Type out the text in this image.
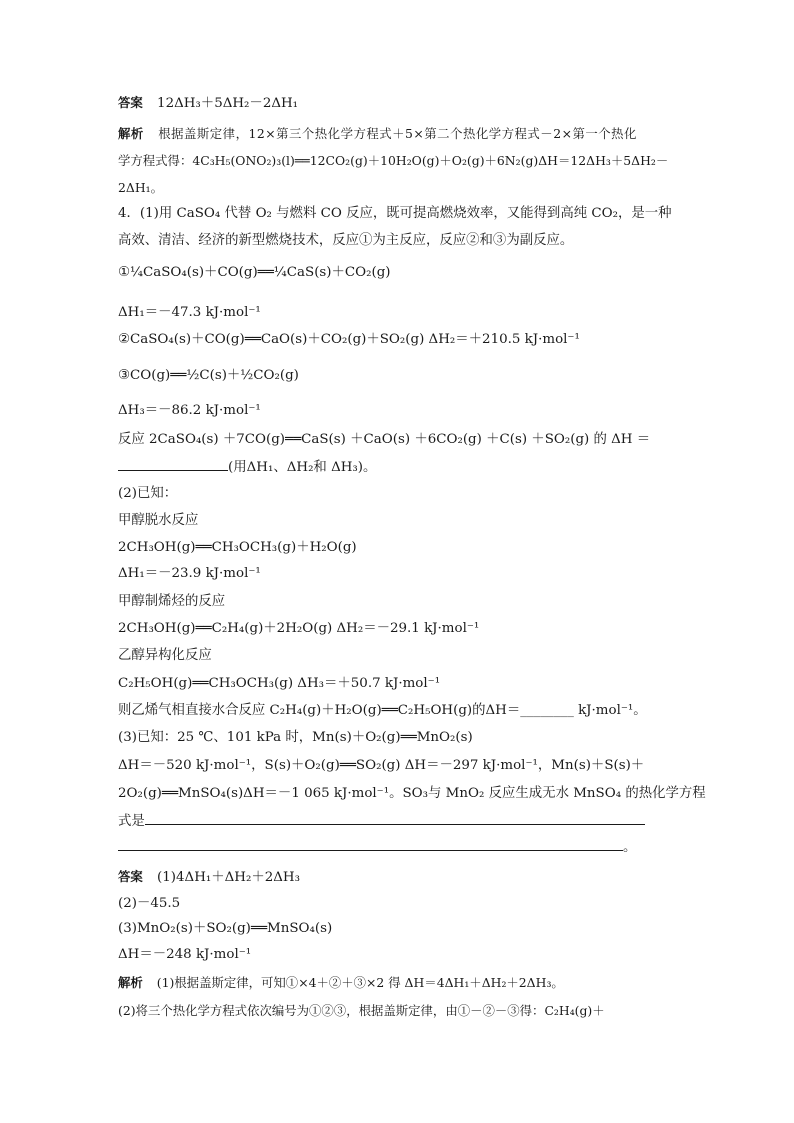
答案 12ΔH₃＋5ΔH₂－2ΔH₁
解析 根据盖斯定律，12×第三个热化学方程式＋5×第二个热化学方程式－2×第一个热化
学方程式得：4C₃H₅(ONO₂)₃(l)══12CO₂(g)＋10H₂O(g)＋O₂(g)＋6N₂(g)ΔH＝12ΔH₃＋5ΔH₂－
2ΔH₁。
4．(1)用 CaSO₄ 代替 O₂ 与燃料 CO 反应，既可提高燃烧效率，又能得到高纯 CO₂，是一种
高效、清洁、经济的新型燃烧技术，反应①为主反应，反应②和③为副反应。
①¼CaSO₄(s)＋CO(g)══¼CaS(s)＋CO₂(g)
ΔH₁＝－47.3 kJ·mol⁻¹
②CaSO₄(s)＋CO(g)══CaO(s)＋CO₂(g)＋SO₂(g) ΔH₂＝＋210.5 kJ·mol⁻¹
③CO(g)══½C(s)＋½CO₂(g)
ΔH₃＝－86.2 kJ·mol⁻¹
反应 2CaSO₄(s) ＋7CO(g)══CaS(s) ＋CaO(s) ＋6CO₂(g) ＋C(s) ＋SO₂(g) 的 ΔH ＝
(用ΔH₁、ΔH₂和 ΔH₃)。
(2)已知：
甲醇脱水反应
2CH₃OH(g)══CH₃OCH₃(g)＋H₂O(g)
ΔH₁＝－23.9 kJ·mol⁻¹
甲醇制烯烃的反应
2CH₃OH(g)══C₂H₄(g)＋2H₂O(g) ΔH₂＝－29.1 kJ·mol⁻¹
乙醇异构化反应
C₂H₅OH(g)══CH₃OCH₃(g) ΔH₃＝＋50.7 kJ·mol⁻¹
则乙烯气相直接水合反应 C₂H₄(g)＋H₂O(g)══C₂H₅OH(g)的ΔH＝________ kJ·mol⁻¹。
(3)已知：25 ℃、101 kPa 时，Mn(s)＋O₂(g)══MnO₂(s)
ΔH＝－520 kJ·mol⁻¹，S(s)＋O₂(g)══SO₂(g) ΔH＝－297 kJ·mol⁻¹，Mn(s)＋S(s)＋
2O₂(g)══MnSO₄(s)ΔH＝－1 065 kJ·mol⁻¹。SO₃与 MnO₂ 反应生成无水 MnSO₄ 的热化学方程
式是
。
答案 (1)4ΔH₁＋ΔH₂＋2ΔH₃
(2)－45.5
(3)MnO₂(s)＋SO₂(g)══MnSO₄(s)
ΔH＝－248 kJ·mol⁻¹
解析 (1)根据盖斯定律，可知①×4＋②＋③×2 得 ΔH＝4ΔH₁＋ΔH₂＋2ΔH₃。
(2)将三个热化学方程式依次编号为①②③，根据盖斯定律，由①－②－③得：C₂H₄(g)＋
